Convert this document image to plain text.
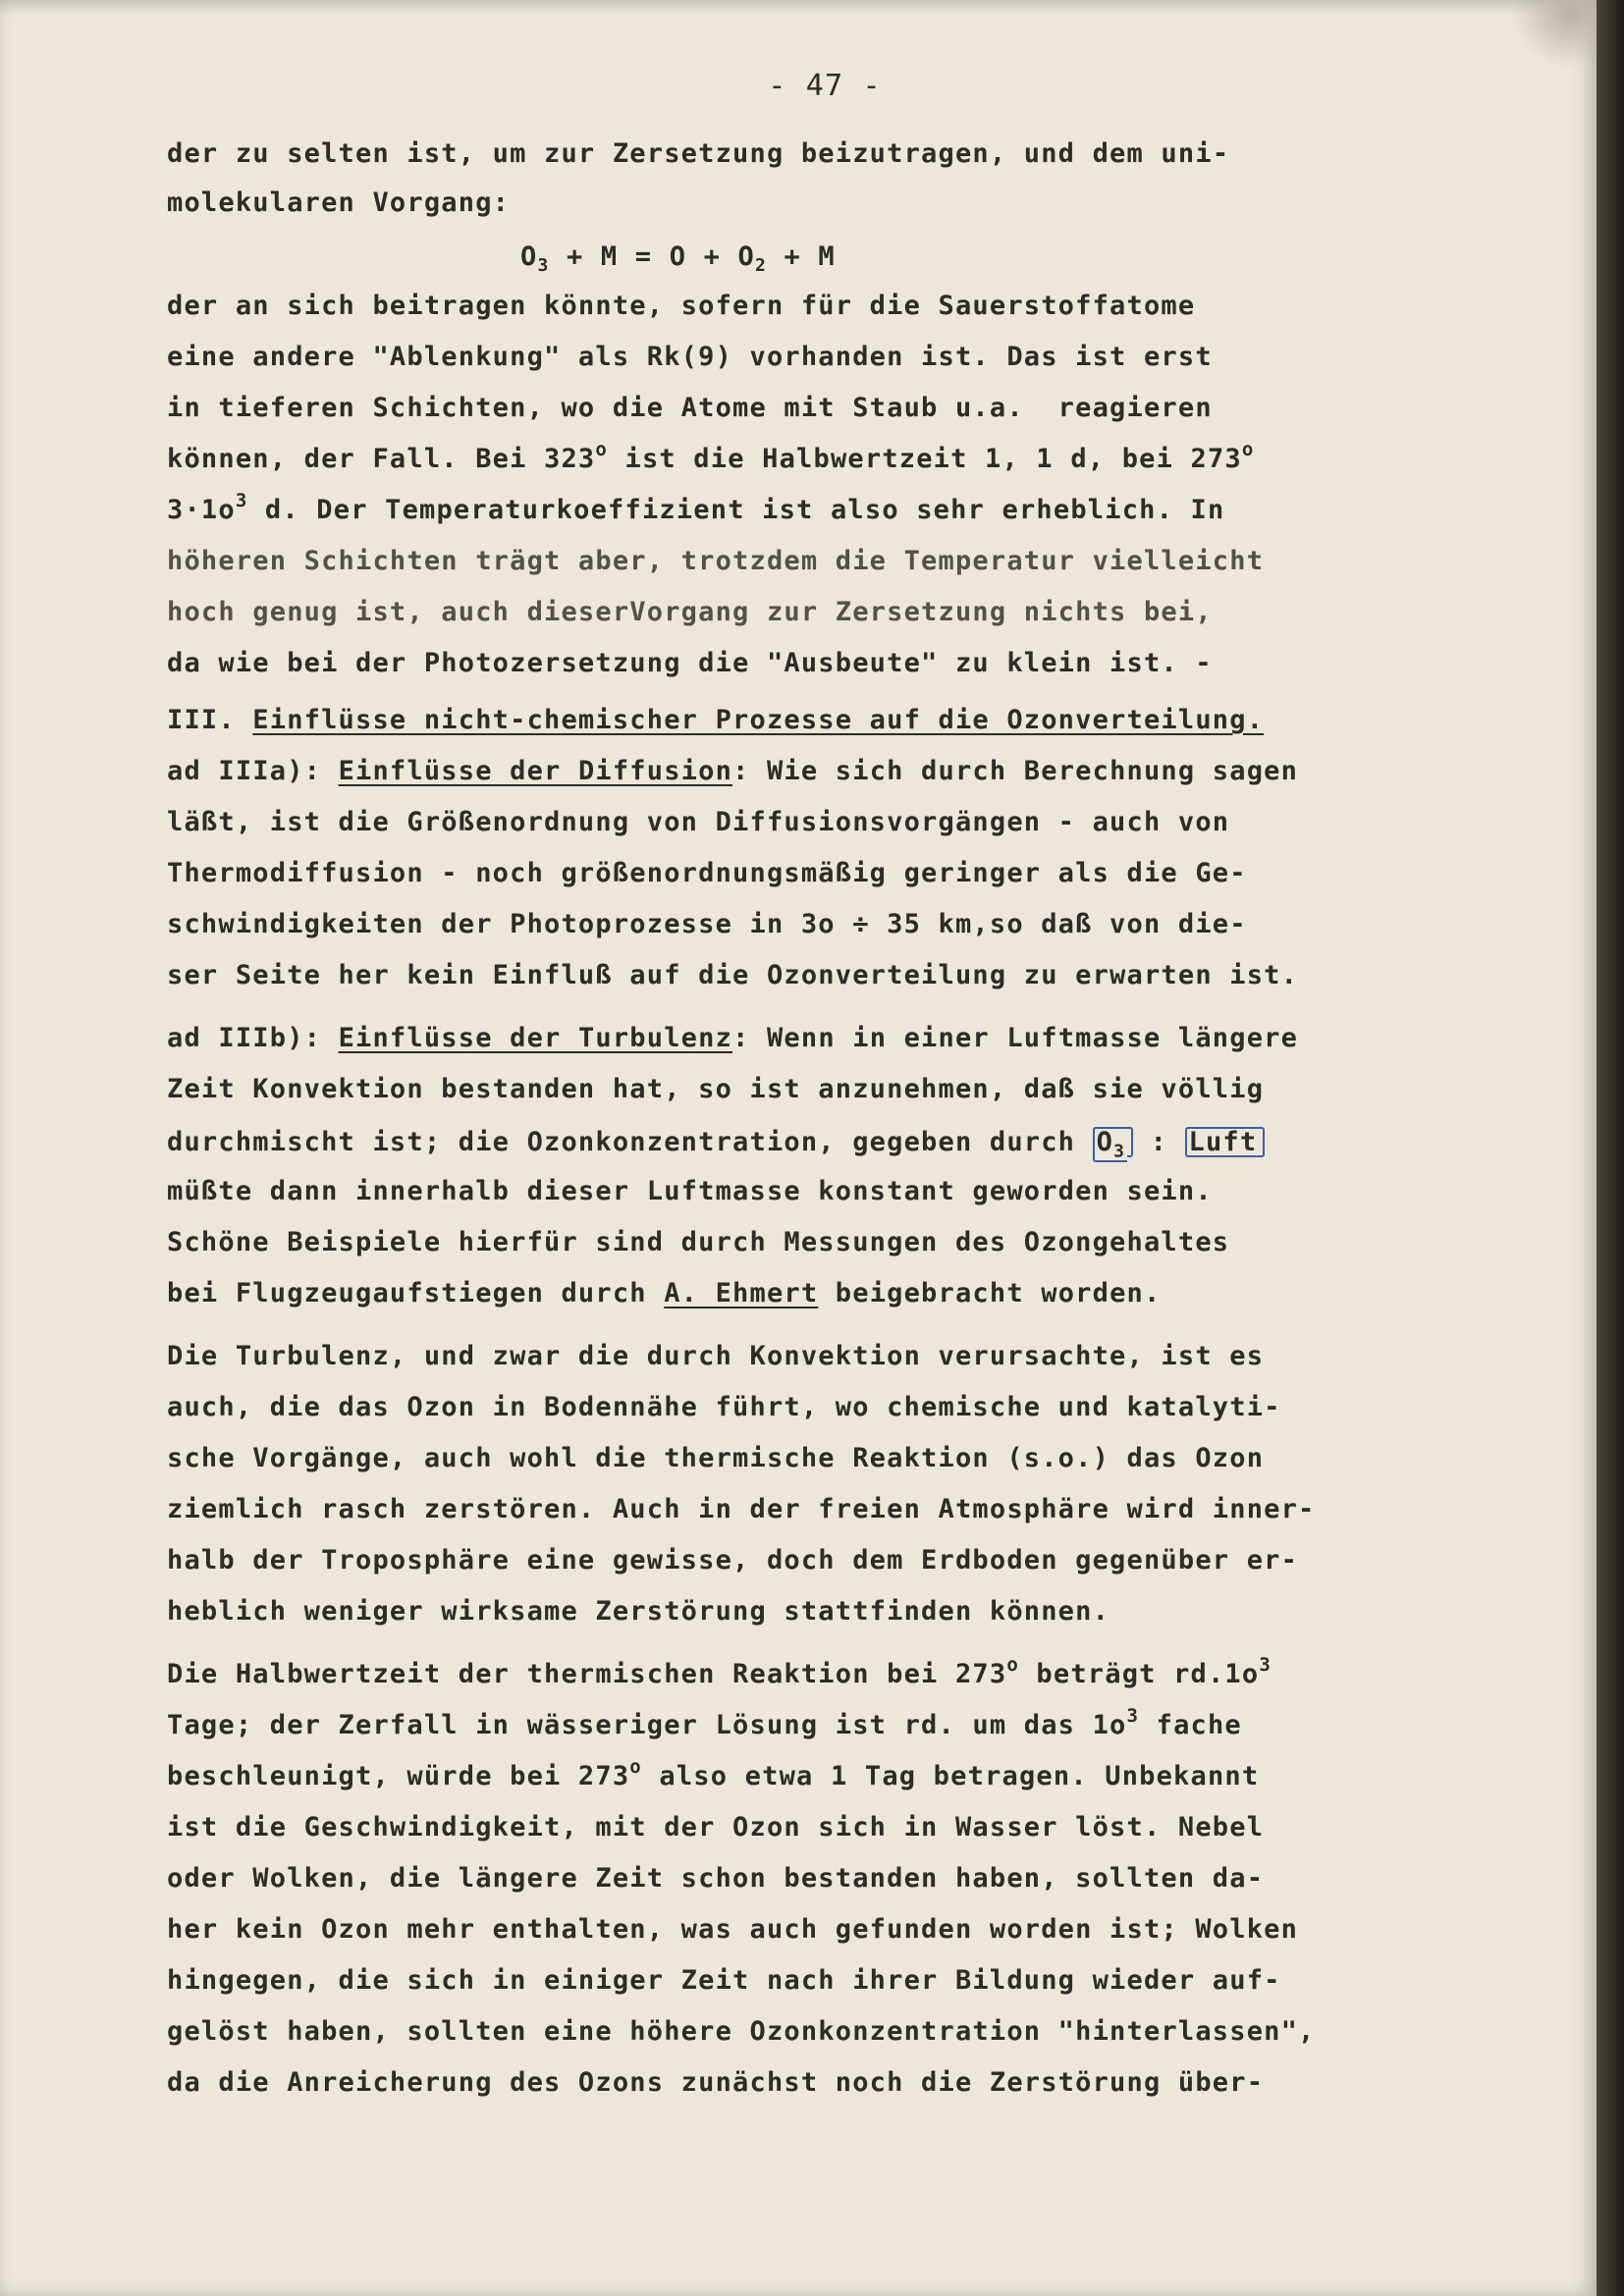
- 47 -
der zu selten ist, um zur Zersetzung beizutragen, und dem uni-
molekularen Vorgang:
$O_3 + M = O + O_2 + M$
der an sich beitragen könnte, sofern für die Sauerstoffatome
eine andere "Ablenkung" als Rk(9) vorhanden ist. Das ist erst
in tieferen Schichten, wo die Atome mit Staub u.a.  reagieren
können, der Fall. Bei 323$^o$ ist die Halbwertzeit 1, 1 d, bei 273$^o$
$3\cdot 1o^3$ d. Der Temperaturkoeffizient ist also sehr erheblich. In
höheren Schichten trägt aber, trotzdem die Temperatur vielleicht
hoch genug ist, auch dieserVorgang zur Zersetzung nichts bei,
da wie bei der Photozersetzung die "Ausbeute" zu klein ist. -
III. Einflüsse nicht-chemischer Prozesse auf die Ozonverteilung.
ad IIIa): Einflüsse der Diffusion: Wie sich durch Berechnung sagen
läßt, ist die Größenordnung von Diffusionsvorgängen - auch von
Thermodiffusion - noch größenordnungsmäßig geringer als die Ge-
schwindigkeiten der Photoprozesse in 3o ÷ 35 km,so daß von die-
ser Seite her kein Einfluß auf die Ozonverteilung zu erwarten ist.
ad IIIb): Einflüsse der Turbulenz: Wenn in einer Luftmasse längere
Zeit Konvektion bestanden hat, so ist anzunehmen, daß sie völlig
durchmischt ist; die Ozonkonzentration, gegeben durch $O_3$ : Luft
müßte dann innerhalb dieser Luftmasse konstant geworden sein.
Schöne Beispiele hierfür sind durch Messungen des Ozongehaltes
bei Flugzeugaufstiegen durch A. Ehmert beigebracht worden.
Die Turbulenz, und zwar die durch Konvektion verursachte, ist es
auch, die das Ozon in Bodennähe führt, wo chemische und katalyti-
sche Vorgänge, auch wohl die thermische Reaktion (s.o.) das Ozon
ziemlich rasch zerstören. Auch in der freien Atmosphäre wird inner-
halb der Troposphäre eine gewisse, doch dem Erdboden gegenüber er-
heblich weniger wirksame Zerstörung stattfinden können.
Die Halbwertzeit der thermischen Reaktion bei 273$^o$ beträgt $rd.1o^3$
Tage; der Zerfall in wässeriger Lösung ist rd. um das $1o^3$ fache
beschleunigt, würde bei 273$^o$ also etwa 1 Tag betragen. Unbekannt
ist die Geschwindigkeit, mit der Ozon sich in Wasser löst. Nebel
oder Wolken, die längere Zeit schon bestanden haben, sollten da-
her kein Ozon mehr enthalten, was auch gefunden worden ist; Wolken
hingegen, die sich in einiger Zeit nach ihrer Bildung wieder auf-
gelöst haben, sollten eine höhere Ozonkonzentration "hinterlassen",
da die Anreicherung des Ozons zunächst noch die Zerstörung über-
